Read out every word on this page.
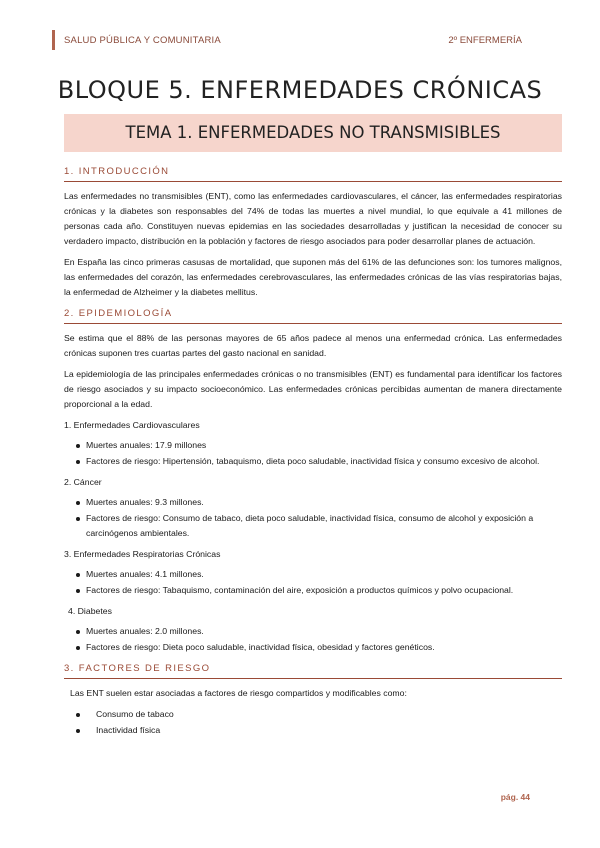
SALUD PÚBLICA Y COMUNITARIA	2º ENFERMERÍA
BLOQUE 5. ENFERMEDADES CRÓNICAS
TEMA 1. ENFERMEDADES NO TRANSMISIBLES
1. INTRODUCCIÓN

Las enfermedades no transmisibles (ENT), como las enfermedades cardiovasculares, el cáncer, las enfermedades respiratorias crónicas y la diabetes son responsables del 74% de todas las muertes a nivel mundial, lo que equivale a 41 millones de personas cada año. Constituyen nuevas epidemias en las sociedades desarrolladas y justifican la necesidad de conocer su verdadero impacto, distribución en la población y factores de riesgo asociados para poder desarrollar planes de actuación.

En España las cinco primeras casusas de mortalidad, que suponen más del 61% de las defunciones son: los tumores malignos, las enfermedades del corazón, las enfermedades cerebrovasculares, las enfermedades crónicas de las vías respiratorias bajas, la enfermedad de Alzheimer y la diabetes mellitus.

2. EPIDEMIOLOGÍA

Se estima que el 88% de las personas mayores de 65 años padece al menos una enfermedad crónica. Las enfermedades crónicas suponen tres cuartas partes del gasto nacional en sanidad.

La epidemiología de las principales enfermedades crónicas o no transmisibles (ENT) es fundamental para identificar los factores de riesgo asociados y su impacto socioeconómico. Las enfermedades crónicas percibidas aumentan de manera directamente proporcional a la edad.

1. Enfermedades Cardiovasculares
Muertes anuales: 17.9 millones
Factores de riesgo: Hipertensión, tabaquismo, dieta poco saludable, inactividad física y consumo excesivo de alcohol.
2. Cáncer
Muertes anuales: 9.3 millones.
Factores de riesgo: Consumo de tabaco, dieta poco saludable, inactividad física, consumo de alcohol y exposición a carcinógenos ambientales.
3. Enfermedades Respiratorias Crónicas
Muertes anuales: 4.1 millones.
Factores de riesgo: Tabaquismo, contaminación del aire, exposición a productos químicos y polvo ocupacional.
4. Diabetes
Muertes anuales: 2.0 millones.
Factores de riesgo: Dieta poco saludable, inactividad física, obesidad y factores genéticos.
3. FACTORES DE RIESGO

Las ENT suelen estar asociadas a factores de riesgo compartidos y modificables como:

Consumo de tabaco
Inactividad física
pág. 44
